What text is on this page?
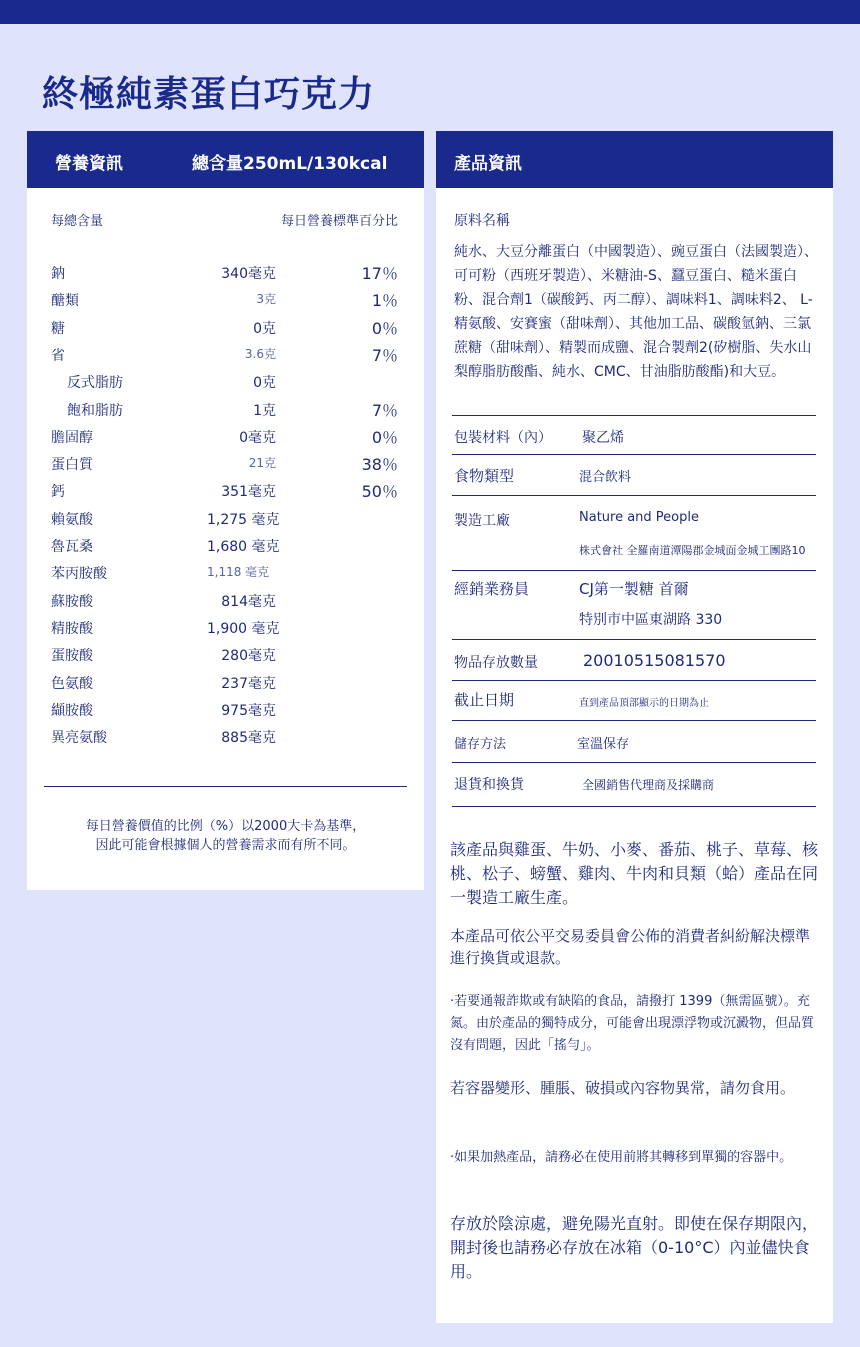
終極純素蛋白巧克力
營養資訊	總含量250mL/130kcal
每總含量	每日營養標準百分比
鈉	340毫克	17％
醣類	3克	1％
糖	0克	0％
省	3.6克	7％
反式脂肪	0克
飽和脂肪	1克	7％
膽固醇	0毫克	0％
蛋白質	21克	38％
鈣	351毫克	50％
賴氨酸	1,275 毫克
魯瓦桑	1,680 毫克
苯丙胺酸	1,118 毫克
蘇胺酸	814毫克
精胺酸	1,900 毫克
蛋胺酸	280毫克
色氨酸	237毫克
纈胺酸	975毫克
異亮氨酸	885毫克
每日營養價值的比例（%）以2000大卡為基準，
因此可能會根據個人的營養需求而有所不同。
產品資訊
原料名稱

純水、大豆分離蛋白（中國製造）、豌豆蛋白（法國製造）、可可粉（西班牙製造）、米糖油-S、蠶豆蛋白、糙米蛋白粉、混合劑1（碳酸鈣、丙二醇）、調味料1、調味料2、 L-精氨酸、安賽蜜（甜味劑）、其他加工品、碳酸氫鈉、三氯蔗糖（甜味劑）、精製而成鹽、混合製劑2(矽樹脂、失水山梨醇脂肪酸酯、純水、CMC、甘油脂肪酸酯)和大豆。

包裝材料（內） 聚乙烯
食物類型	混合飲料
製造工廠	Nature and People
株式會社 全羅南道潭陽郡金城面金城工團路10
經銷業務員	CJ第一製糖 首爾
特別市中區東湖路 330
物品存放數量	20010515081570
截止日期	直到產品頂部顯示的日期為止
儲存方法	室溫保存
退貨和換貨	全國銷售代理商及採購商

該產品與雞蛋、牛奶、小麥、番茄、桃子、草莓、核桃、松子、螃蟹、雞肉、牛肉和貝類（蛤）產品在同一製造工廠生產。

本產品可依公平交易委員會公佈的消費者糾紛解決標準進行換貨或退款。

·若要通報詐欺或有缺陷的食品，請撥打 1399（無需區號）。充氮。由於產品的獨特成分，可能會出現漂浮物或沉澱物，但品質沒有問題，因此「搖勻」。

若容器變形、腫脹、破損或內容物異常，請勿食用。

·如果加熱產品，請務必在使用前將其轉移到單獨的容器中。

存放於陰涼處，避免陽光直射。即使在保存期限內，開封後也請務必存放在冰箱（0-10°C）內並儘快食用。
